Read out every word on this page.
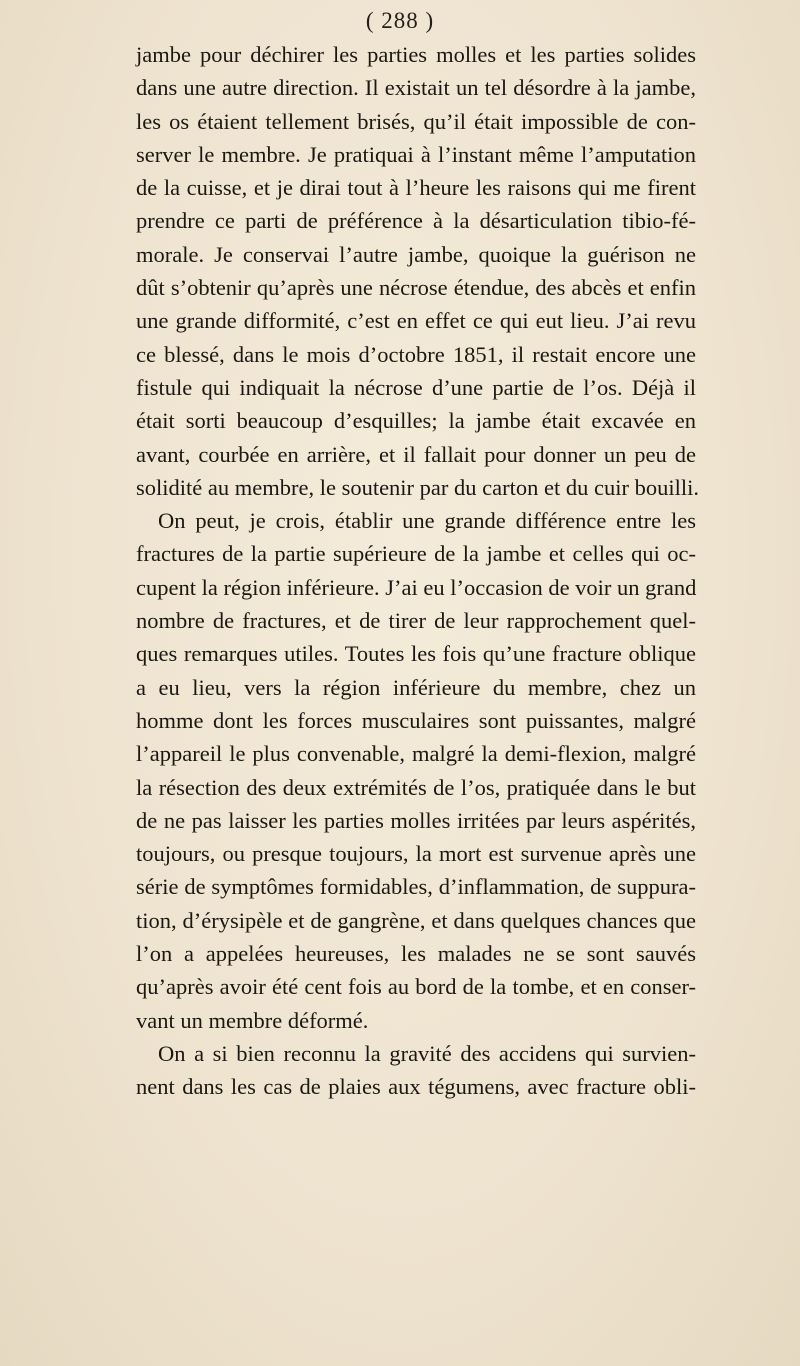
( 288 )
jambe pour déchirer les parties molles et les parties solides
dans une autre direction. Il existait un tel désordre à la jambe,
les os étaient tellement brisés, qu’il était impossible de con-
server le membre. Je pratiquai à l’instant même l’amputation
de la cuisse, et je dirai tout à l’heure les raisons qui me firent
prendre ce parti de préférence à la désarticulation tibio-fé-
morale. Je conservai l’autre jambe, quoique la guérison ne
dût s’obtenir qu’après une nécrose étendue, des abcès et enfin
une grande difformité, c’est en effet ce qui eut lieu. J’ai revu
ce blessé, dans le mois d’octobre 1851, il restait encore une
fistule qui indiquait la nécrose d’une partie de l’os. Déjà il
était sorti beaucoup d’esquilles; la jambe était excavée en
avant, courbée en arrière, et il fallait pour donner un peu de
solidité au membre, le soutenir par du carton et du cuir bouilli.
On peut, je crois, établir une grande différence entre les
fractures de la partie supérieure de la jambe et celles qui oc-
cupent la région inférieure. J’ai eu l’occasion de voir un grand
nombre de fractures, et de tirer de leur rapprochement quel-
ques remarques utiles. Toutes les fois qu’une fracture oblique
a eu lieu, vers la région inférieure du membre, chez un
homme dont les forces musculaires sont puissantes, malgré
l’appareil le plus convenable, malgré la demi-flexion, malgré
la résection des deux extrémités de l’os, pratiquée dans le but
de ne pas laisser les parties molles irritées par leurs aspérités,
toujours, ou presque toujours, la mort est survenue après une
série de symptômes formidables, d’inflammation, de suppura-
tion, d’érysipèle et de gangrène, et dans quelques chances que
l’on a appelées heureuses, les malades ne se sont sauvés
qu’après avoir été cent fois au bord de la tombe, et en conser-
vant un membre déformé.
On a si bien reconnu la gravité des accidens qui survien-
nent dans les cas de plaies aux tégumens, avec fracture obli-
